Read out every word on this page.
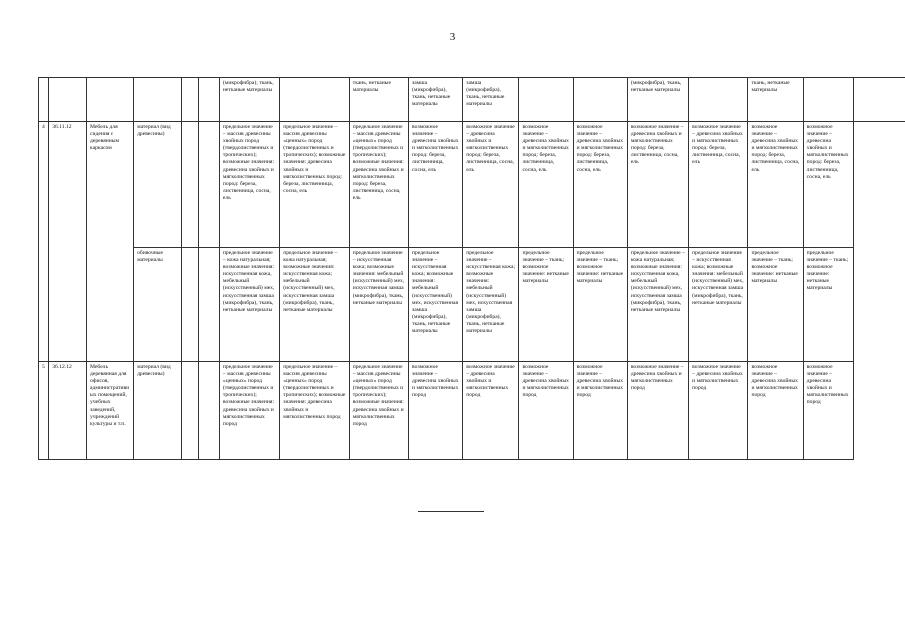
3
						(микрофибра); ткань, нетканые материалы		ткань, нетканые материалы	замша (микрофибра), ткань, нетканые материалы	замша (микрофибра), ткань, нетканые материалы			(микрофибра), ткань, нетканые материалы		ткань, нетканые материалы		
4	36.11.12	Мебель для сидения с деревянным каркасом	материал (вид древесины)			предельное значение – массив древесины хвойных пород (твердолиственных и тропических); возможные значения: древесина хвойных и мягколиственных пород: береза, лиственница, сосна, ель	предельное значение – массив древесины «ценных» пород (твердолиственных и тропических); возможные значения: древесина хвойных и мягколиственных пород: береза, лиственница, сосна, ель	предельное значение – массив древесины «ценных» пород (твердолиственных и тропических); возможные значения: древесина хвойных и мягколиственных пород: береза, лиственница, сосна, ель	возможное значение – древесина хвойных и мягколиственных пород: береза, лиственница, сосна, ель	возможное значение – древесина хвойных и мягколиственных пород: береза, лиственница, сосна, ель	возможное значение – древесина хвойных и мягколиственных пород: береза, лиственница, сосна, ель	возможное значение – древесина хвойных и мягколиственных пород: береза, лиственница, сосна, ель	возможное значение – древесина хвойных и мягколиственных пород: береза, лиственница, сосна, ель	возможное значение – древесина хвойных и мягколиственных пород: береза, лиственница, сосна, ель	возможное значение – древесина хвойных и мягколиственных пород: береза, лиственница, сосна, ель	возможное значение – древесина хвойных и мягколиственных пород: береза, лиственница, сосна, ель	
			обивочные материалы			предельное значение – кожа натуральная; возможные значения: искусственная кожа, мебельный (искусственный) мех, искусственная замша (микрофибра), ткань, нетканые материалы	предельное значение – кожа натуральная; возможные значения: искусственная кожа; мебельный (искусственный) мех, искусственная замша (микрофибра), ткань, нетканые материалы	предельное значение – искусственная кожа; возможные значения: мебельный (искусственный) мех, искусственная замша (микрофибра), ткань, нетканые материалы	предельное значение – искусственная кожа; возможные значения: мебельный (искусственный) мех, искусственная замша (микрофибра), ткань, нетканые материалы	предельное значение – искусственная кожа; возможные значения: мебельный (искусственный) мех, искусственная замша (микрофибра), ткань, нетканые материалы	предельное значение – ткань; возможное значение: нетканые материалы	предельное значение – ткань; возможное значение: нетканые материалы	предельное значение – кожа натуральная; возможные значения: искусственная кожа, мебельный (искусственный) мех, искусственная замша (микрофибра), ткань, нетканые материалы	предельное значение – искусственная кожа; возможные значения: мебельный (искусственный) мех, искусственная замша (микрофибра), ткань, нетканые материалы	предельное значение – ткань; возможное значение: нетканые материалы	предельное значение – ткань; возможное значение: нетканые материалы	
5	36.12.12	Мебель деревянная для офисов, административных помещений, учебных заведений, учреждений культуры и т.п.	материал (вид древесины)			предельное значение – массив древесины «ценных» пород (твердолиственных и тропических); возможные значения: древесина хвойных и мягколиственных пород	предельное значение – массив древесины «ценных» пород (твердолиственных и тропических); возможные значения: древесина хвойных и мягколиственных пород	предельное значение – массив древесины «ценных» пород (твердолиственных и тропических); возможные значения: древесина хвойных и мягколиственных пород	возможное значение – древесина хвойных и мягколиственных пород	возможное значение – древесина хвойных и мягколиственных пород	возможное значение – древесина хвойных и мягколиственных пород	возможное значение – древесина хвойных и мягколиственных пород	возможное значение – древесина хвойных и мягколиственных пород	возможное значение – древесина хвойных и мягколиственных пород	возможное значение – древесина хвойных и мягколиственных пород	возможное значение – древесина хвойных и мягколиственных пород	
